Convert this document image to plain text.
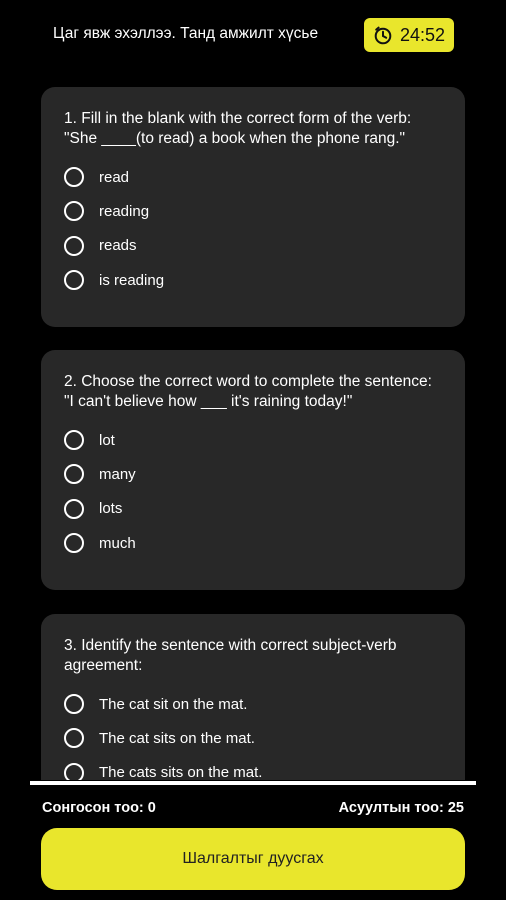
Цаг явж эхэллээ. Танд амжилт хүсье	24:52

1. Fill in the blank with the correct form of the verb: "She ____(to read) a book when the phone rang."

read
reading
reads
is reading

2. Choose the correct word to complete the sentence: "I can't believe how ___ it's raining today!"

lot
many
lots
much

3. Identify the sentence with correct subject-verb agreement:

The cat sit on the mat.
The cat sits on the mat.
The cats sits on the mat.
Сонгосон тоо: 0	Асуултын тоо: 25
Шалгалтыг дуусгах
